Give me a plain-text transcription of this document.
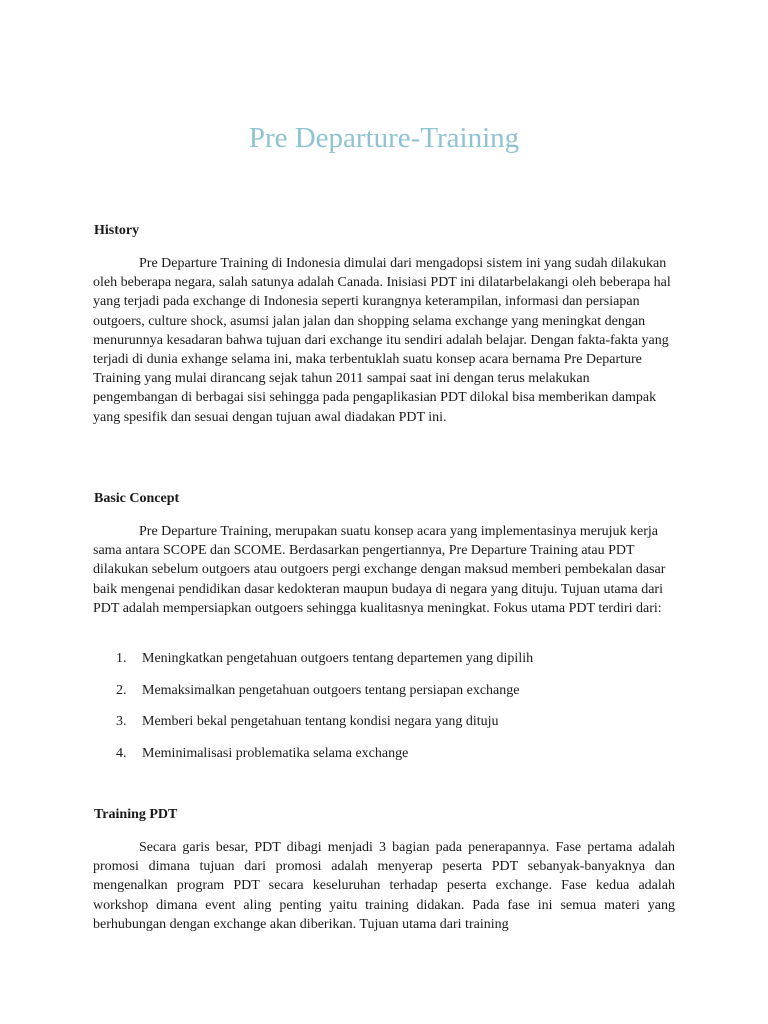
Pre Departure-Training
History

Pre Departure Training di Indonesia dimulai dari mengadopsi sistem ini yang sudah dilakukan oleh beberapa negara, salah satunya adalah Canada. Inisiasi PDT ini dilatarbelakangi oleh beberapa hal yang terjadi pada exchange di Indonesia seperti kurangnya keterampilan, informasi dan persiapan outgoers, culture shock, asumsi jalan jalan dan shopping selama exchange yang meningkat dengan menurunnya kesadaran bahwa tujuan dari exchange itu sendiri adalah belajar. Dengan fakta-fakta yang terjadi di dunia exhange selama ini, maka terbentuklah suatu konsep acara bernama Pre Departure Training yang mulai dirancang sejak tahun 2011 sampai saat ini dengan terus melakukan pengembangan di berbagai sisi sehingga pada pengaplikasian PDT dilokal bisa memberikan dampak yang spesifik dan sesuai dengan tujuan awal diadakan PDT ini.

Basic Concept

Pre Departure Training, merupakan suatu konsep acara yang implementasinya merujuk kerja sama antara SCOPE dan SCOME. Berdasarkan pengertiannya, Pre Departure Training atau PDT dilakukan sebelum outgoers atau outgoers pergi exchange dengan maksud memberi pembekalan dasar baik mengenai pendidikan dasar kedokteran maupun budaya di negara yang dituju. Tujuan utama dari PDT adalah mempersiapkan outgoers sehingga kualitasnya meningkat. Fokus utama PDT terdiri dari:

1. Meningkatkan pengetahuan outgoers tentang departemen yang dipilih
2. Memaksimalkan pengetahuan outgoers tentang persiapan exchange
3. Memberi bekal pengetahuan tentang kondisi negara yang dituju
4. Meminimalisasi problematika selama exchange
Training PDT

Secara garis besar, PDT dibagi menjadi 3 bagian pada penerapannya. Fase pertama adalah promosi dimana tujuan dari promosi adalah menyerap peserta PDT sebanyak-banyaknya dan mengenalkan program PDT secara keseluruhan terhadap peserta exchange. Fase kedua adalah workshop dimana event aling penting yaitu training didakan. Pada fase ini semua materi yang berhubungan dengan exchange akan diberikan. Tujuan utama dari training
